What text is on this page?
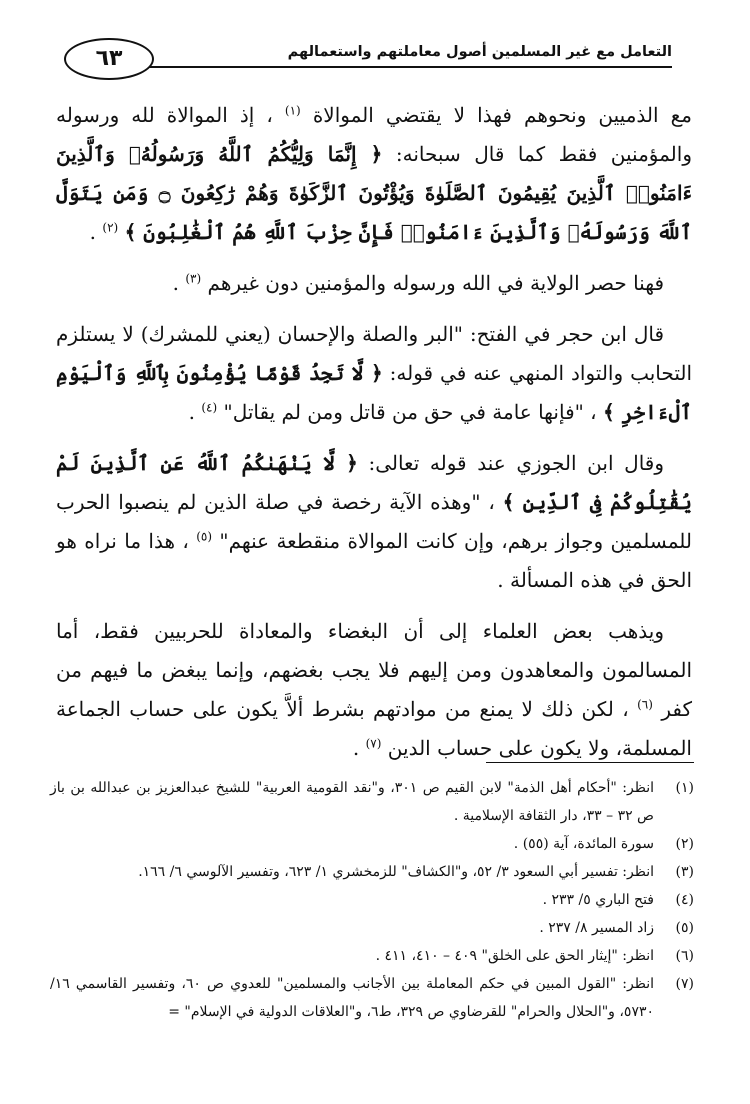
التعامل مع غير المسلمين أصول معاملتهم واستعمالهم
٦٣

مع الذميين ونحوهم فهذا لا يقتضي الموالاة $^{(١)}$ ، إذ الموالاة لله ورسوله والمؤمنين فقط كما قال سبحانه: ﴿ إِنَّمَا وَلِيُّكُمُ ٱللَّهُ وَرَسُولُهُۥ وَٱلَّذِينَ ءَامَنُوا۟ ٱلَّذِينَ يُقِيمُونَ ٱلصَّلَوٰةَ وَيُؤْتُونَ ٱلزَّكَوٰةَ وَهُمْ رَٰكِعُونَ ۝ وَمَن يَتَوَلَّ ٱللَّهَ وَرَسُولَهُۥ وَٱلَّذِينَ ءَامَنُوا۟ فَإِنَّ حِزْبَ ٱللَّهِ هُمُ ٱلْغَٰلِبُونَ ﴾ $^{(٢)}$ .

فهنا حصر الولاية في الله ورسوله والمؤمنين دون غيرهم $^{(٣)}$ .

قال ابن حجر في الفتح: "البر والصلة والإحسان (يعني للمشرك) لا يستلزم التحابب والتواد المنهي عنه في قوله: ﴿ لَّا تَجِدُ قَوْمًا يُؤْمِنُونَ بِٱللَّهِ وَٱلْيَوْمِ ٱلْءَاخِرِ ﴾ ، "فإنها عامة في حق من قاتل ومن لم يقاتل" $^{(٤)}$ .

وقال ابن الجوزي عند قوله تعالى: ﴿ لَّا يَنْهَىٰكُمُ ٱللَّهُ عَنِ ٱلَّذِينَ لَمْ يُقَٰتِلُوكُمْ فِى ٱلدِّينِ ﴾ ، "وهذه الآية رخصة في صلة الذين لم ينصبوا الحرب للمسلمين وجواز برهم، وإن كانت الموالاة منقطعة عنهم" $^{(٥)}$ ، هذا ما نراه هو الحق في هذه المسألة .

ويذهب بعض العلماء إلى أن البغضاء والمعاداة للحربيين فقط، أما المسالمون والمعاهدون ومن إليهم فلا يجب بغضهم، وإنما يبغض ما فيهم من كفر $^{(٦)}$ ، لكن ذلك لا يمنع من موادتهم بشرط ألاَّ يكون على حساب الجماعة المسلمة، ولا يكون على حساب الدين $^{(٧)}$ .

(١)
انظر: "أحكام أهل الذمة" لابن القيم ص ٣٠١، و"نقد القومية العربية" للشيخ عبدالعزيز بن عبدالله بن باز ص ٣٢ – ٣٣، دار الثقافة الإسلامية .
(٢)
سورة المائدة، آية (٥٥) .
(٣)
انظر: تفسير أبي السعود ٣/ ٥٢، و"الكشاف" للزمخشري ١/ ٦٢٣، وتفسير الآلوسي ٦/ ١٦٦.
(٤)
فتح الباري ٥/ ٢٣٣ .
(٥)
زاد المسير ٨/ ٢٣٧ .
(٦)
انظر: "إيثار الحق على الخلق" ٤٠٩ – ٤١٠، ٤١١ .
(٧)
انظر: "القول المبين في حكم المعاملة بين الأجانب والمسلمين" للعدوي ص ٦٠، وتفسير القاسمي ١٦/ ٥٧٣٠، و"الحلال والحرام" للقرضاوي ص ٣٢٩، ط٦، و"العلاقات الدولية في الإسلام" =
